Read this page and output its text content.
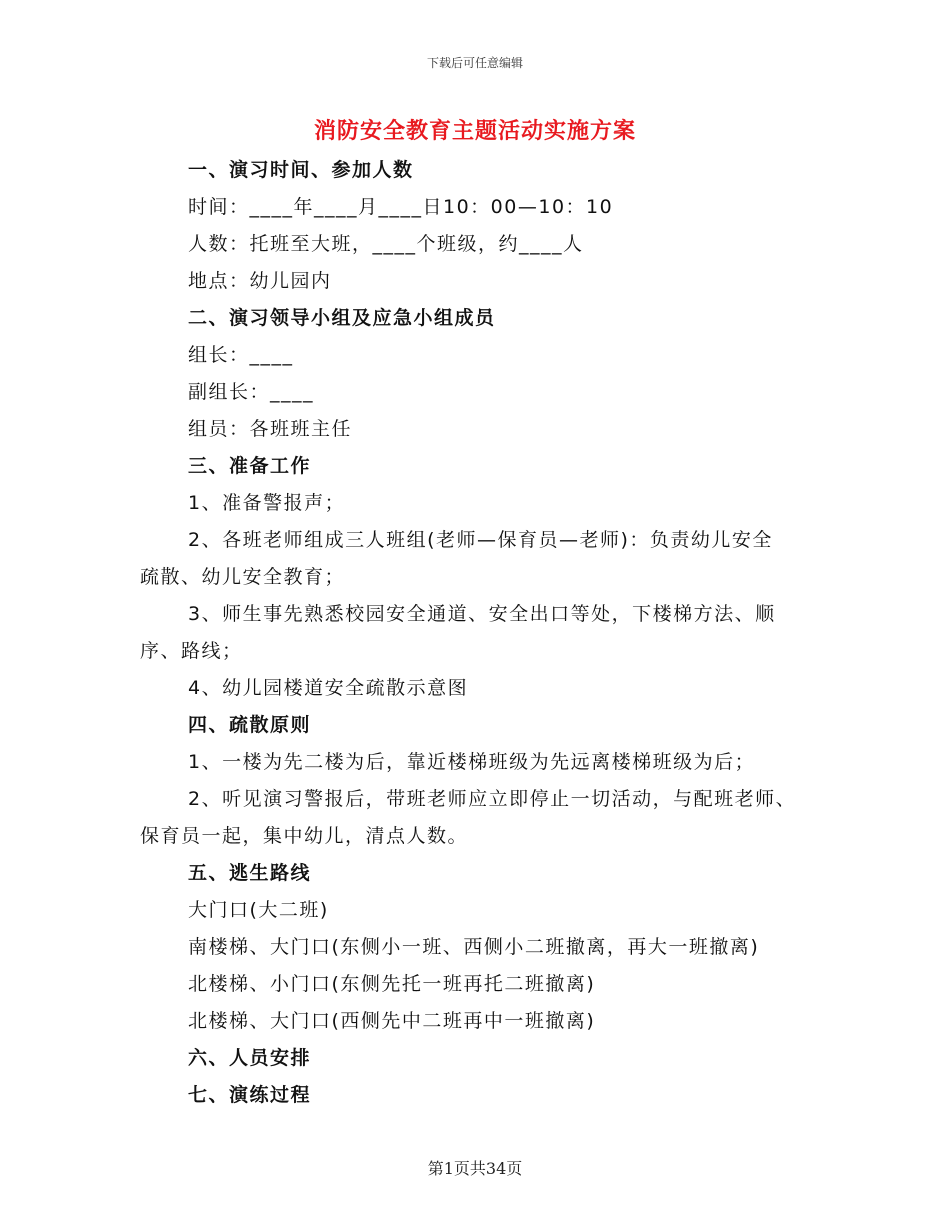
下载后可任意编辑
消防安全教育主题活动实施方案
一、演习时间、参加人数
时间：____年____月____日10：00—10：10
人数：托班至大班，____个班级，约____人
地点：幼儿园内
二、演习领导小组及应急小组成员
组长：____
副组长：____
组员：各班班主任
三、准备工作
1、准备警报声；
2、各班老师组成三人班组(老师—保育员—老师)：负责幼儿安全
疏散、幼儿安全教育；
3、师生事先熟悉校园安全通道、安全出口等处，下楼梯方法、顺
序、路线；
4、幼儿园楼道安全疏散示意图
四、疏散原则
1、一楼为先二楼为后，靠近楼梯班级为先远离楼梯班级为后；
2、听见演习警报后，带班老师应立即停止一切活动，与配班老师、
保育员一起，集中幼儿，清点人数。
五、逃生路线
大门口(大二班)
南楼梯、大门口(东侧小一班、西侧小二班撤离，再大一班撤离)
北楼梯、小门口(东侧先托一班再托二班撤离)
北楼梯、大门口(西侧先中二班再中一班撤离)
六、人员安排
七、演练过程
第1页共34页
